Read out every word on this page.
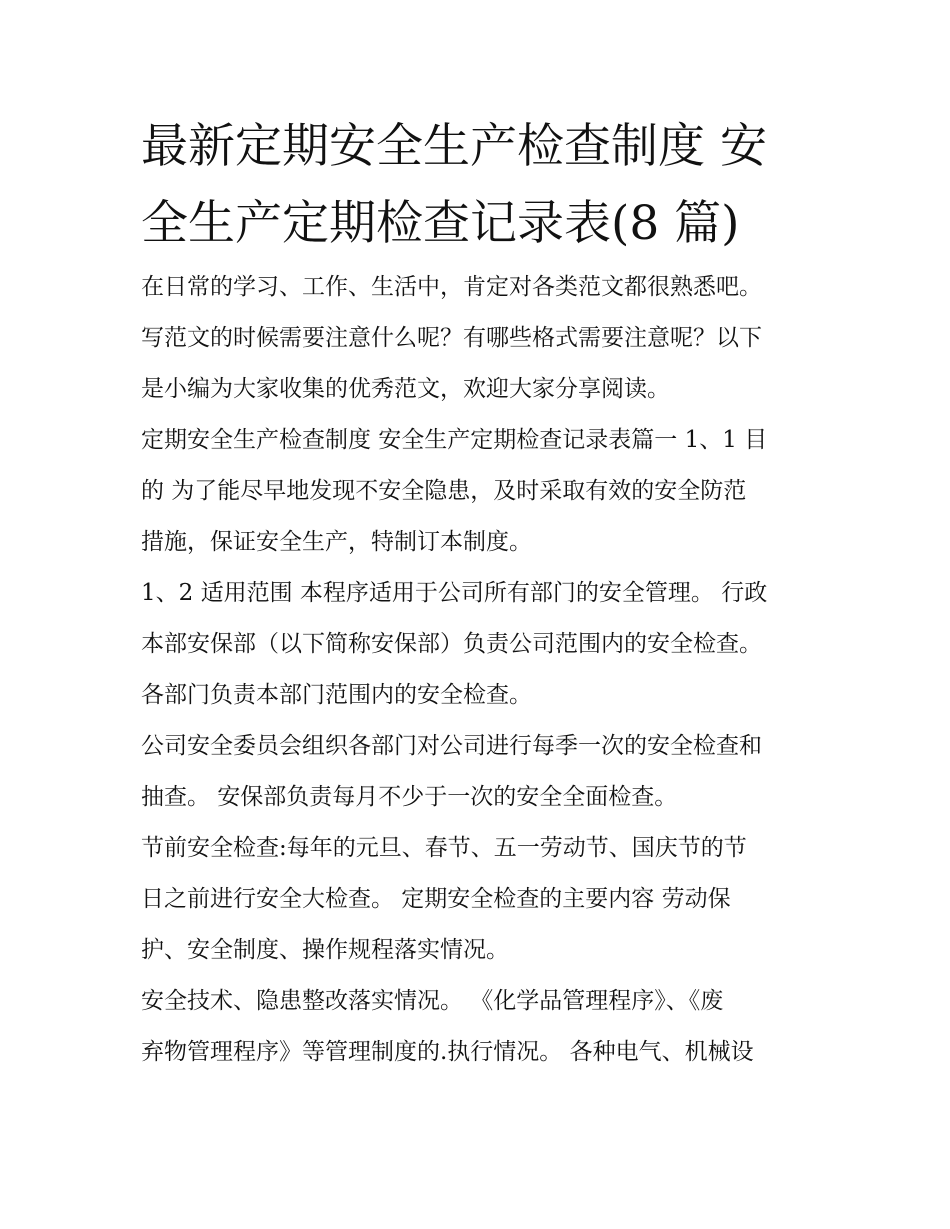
最新定期安全生产检查制度 安
全生产定期检查记录表(8 篇)
在日常的学习、工作、生活中，肯定对各类范文都很熟悉吧。
写范文的时候需要注意什么呢？有哪些格式需要注意呢？以下
是小编为大家收集的优秀范文，欢迎大家分享阅读。
定期安全生产检查制度 安全生产定期检查记录表篇一 1、1 目
的 为了能尽早地发现不安全隐患，及时采取有效的安全防范
措施，保证安全生产，特制订本制度。
1、2 适用范围 本程序适用于公司所有部门的安全管理。 行政
本部安保部（以下简称安保部）负责公司范围内的安全检查。
各部门负责本部门范围内的安全检查。
公司安全委员会组织各部门对公司进行每季一次的安全检查和
抽查。 安保部负责每月不少于一次的安全全面检查。
节前安全检查:每年的元旦、春节、五一劳动节、国庆节的节
日之前进行安全大检查。 定期安全检查的主要内容 劳动保
护、安全制度、操作规程落实情况。
安全技术、隐患整改落实情况。 《化学品管理程序》、《废
弃物管理程序》等管理制度的.执行情况。 各种电气、机械设
